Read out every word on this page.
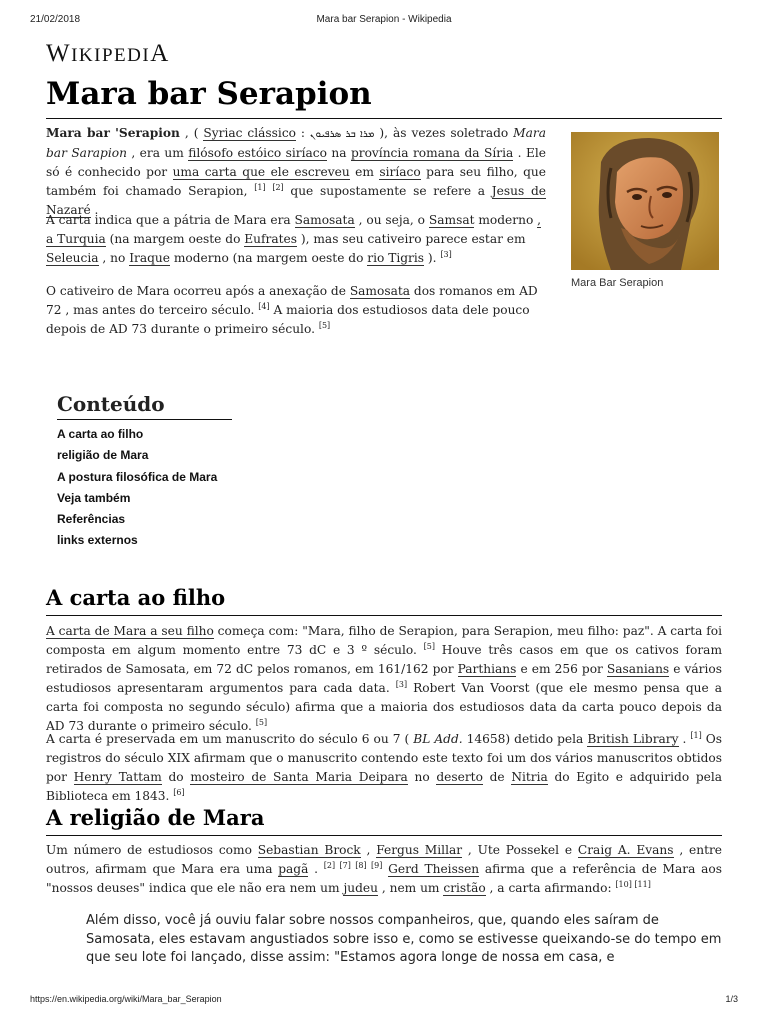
21/02/2018	Mara bar Serapion - Wikipedia
WIKIPEDIA
Mara bar Serapion

Mara bar 'Serapion , ( Syriac clássico : ܡܪܐ ܒܪ ܣܪܦܝܘܢ ), às vezes soletrado Mara bar Sarapion , era um filósofo estóico siríaco na província romana da Síria . Ele só é conhecido por uma carta que ele escreveu em siríaco para seu filho, que também foi chamado Serapion, [1] [2] que supostamente se refere a Jesus de Nazaré .

A carta indica que a pátria de Mara era Samosata , ou seja, o Samsat moderno , a Turquia (na margem oeste do Eufrates ), mas seu cativeiro parece estar em Seleucia , no Iraque moderno (na margem oeste do rio Tigris ). [3]

O cativeiro de Mara ocorreu após a anexação de Samosata dos romanos em AD 72 , mas antes do terceiro século. [4] A maioria dos estudiosos data dele pouco depois de AD 73 durante o primeiro século. [5]

Mara Bar Serapion
Conteúdo
A carta ao filho
religião de Mara
A postura filosófica de Mara
Veja também
Referências
links externos
A carta ao filho

A carta de Mara a seu filho começa com: "Mara, filho de Serapion, para Serapion, meu filho: paz". A carta foi composta em algum momento entre 73 dC e 3 º século. [5] Houve três casos em que os cativos foram retirados de Samosata, em 72 dC pelos romanos, em 161/162 por Parthians e em 256 por Sasanians e vários estudiosos apresentaram argumentos para cada data. [3] Robert Van Voorst (que ele mesmo pensa que a carta foi composta no segundo século) afirma que a maioria dos estudiosos data da carta pouco depois da AD 73 durante o primeiro século. [5]

A carta é preservada em um manuscrito do século 6 ou 7 ( BL Add. 14658) detido pela British Library . [1] Os registros do século XIX afirmam que o manuscrito contendo este texto foi um dos vários manuscritos obtidos por Henry Tattam do mosteiro de Santa Maria Deipara no deserto de Nitria do Egito e adquirido pela Biblioteca em 1843. [6]

A religião de Mara

Um número de estudiosos como Sebastian Brock , Fergus Millar , Ute Possekel e Craig A. Evans , entre outros, afirmam que Mara era uma pagã . [2] [7] [8] [9] Gerd Theissen afirma que a referência de Mara aos "nossos deuses" indica que ele não era nem um judeu , nem um cristão , a carta afirmando: [10] [11]

Além disso, você já ouviu falar sobre nossos companheiros, que, quando eles saíram de Samosata, eles estavam angustiados sobre isso e, como se estivesse queixando-se do tempo em que seu lote foi lançado, disse assim: "Estamos agora longe de nossa em casa, e
https://en.wikipedia.org/wiki/Mara_bar_Serapion	1/3
